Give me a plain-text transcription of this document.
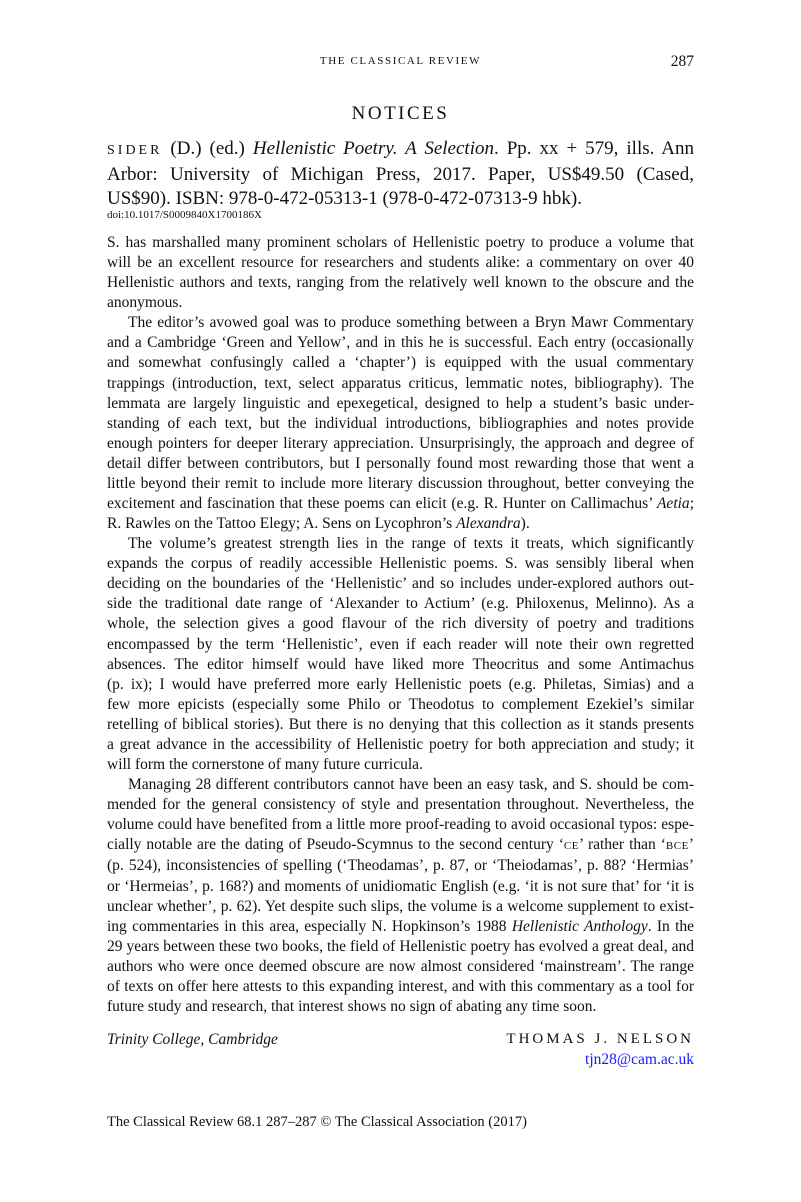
THE CLASSICAL REVIEW	287
NOTICES
SIDER (D.) (ed.) Hellenistic Poetry. A Selection. Pp. xx + 579, ills. Ann
Arbor: University of Michigan Press, 2017. Paper, US$49.50 (Cased,
US$90). ISBN: 978-0-472-05313-1 (978-0-472-07313-9 hbk).
doi:10.1017/S0009840X1700186X
S. has marshalled many prominent scholars of Hellenistic poetry to produce a volume that
will be an excellent resource for researchers and students alike: a commentary on over 40
Hellenistic authors and texts, ranging from the relatively well known to the obscure and the
anonymous.
The editor’s avowed goal was to produce something between a Bryn Mawr Commentary
and a Cambridge ‘Green and Yellow’, and in this he is successful. Each entry (occasionally
and somewhat confusingly called a ‘chapter’) is equipped with the usual commentary
trappings (introduction, text, select apparatus criticus, lemmatic notes, bibliography). The
lemmata are largely linguistic and epexegetical, designed to help a student’s basic under-
standing of each text, but the individual introductions, bibliographies and notes provide
enough pointers for deeper literary appreciation. Unsurprisingly, the approach and degree of
detail differ between contributors, but I personally found most rewarding those that went a
little beyond their remit to include more literary discussion throughout, better conveying the
excitement and fascination that these poems can elicit (e.g. R. Hunter on Callimachus’ Aetia;
R. Rawles on the Tattoo Elegy; A. Sens on Lycophron’s Alexandra).
The volume’s greatest strength lies in the range of texts it treats, which significantly
expands the corpus of readily accessible Hellenistic poems. S. was sensibly liberal when
deciding on the boundaries of the ‘Hellenistic’ and so includes under-explored authors out-
side the traditional date range of ‘Alexander to Actium’ (e.g. Philoxenus, Melinno). As a
whole, the selection gives a good flavour of the rich diversity of poetry and traditions
encompassed by the term ‘Hellenistic’, even if each reader will note their own regretted
absences. The editor himself would have liked more Theocritus and some Antimachus
(p. ix); I would have preferred more early Hellenistic poets (e.g. Philetas, Simias) and a
few more epicists (especially some Philo or Theodotus to complement Ezekiel’s similar
retelling of biblical stories). But there is no denying that this collection as it stands presents
a great advance in the accessibility of Hellenistic poetry for both appreciation and study; it
will form the cornerstone of many future curricula.
Managing 28 different contributors cannot have been an easy task, and S. should be com-
mended for the general consistency of style and presentation throughout. Nevertheless, the
volume could have benefited from a little more proof-reading to avoid occasional typos: espe-
cially notable are the dating of Pseudo-Scymnus to the second century ‘CE’ rather than ‘BCE’
(p. 524), inconsistencies of spelling (‘Theodamas’, p. 87, or ‘Theiodamas’, p. 88? ‘Hermias’
or ‘Hermeias’, p. 168?) and moments of unidiomatic English (e.g. ‘it is not sure that’ for ‘it is
unclear whether’, p. 62). Yet despite such slips, the volume is a welcome supplement to exist-
ing commentaries in this area, especially N. Hopkinson’s 1988 Hellenistic Anthology. In the
29 years between these two books, the field of Hellenistic poetry has evolved a great deal, and
authors who were once deemed obscure are now almost considered ‘mainstream’. The range
of texts on offer here attests to this expanding interest, and with this commentary as a tool for
future study and research, that interest shows no sign of abating any time soon.
Trinity College, Cambridge	THOMAS J. NELSON
tjn28@cam.ac.uk
The Classical Review 68.1 287–287 © The Classical Association (2017)
